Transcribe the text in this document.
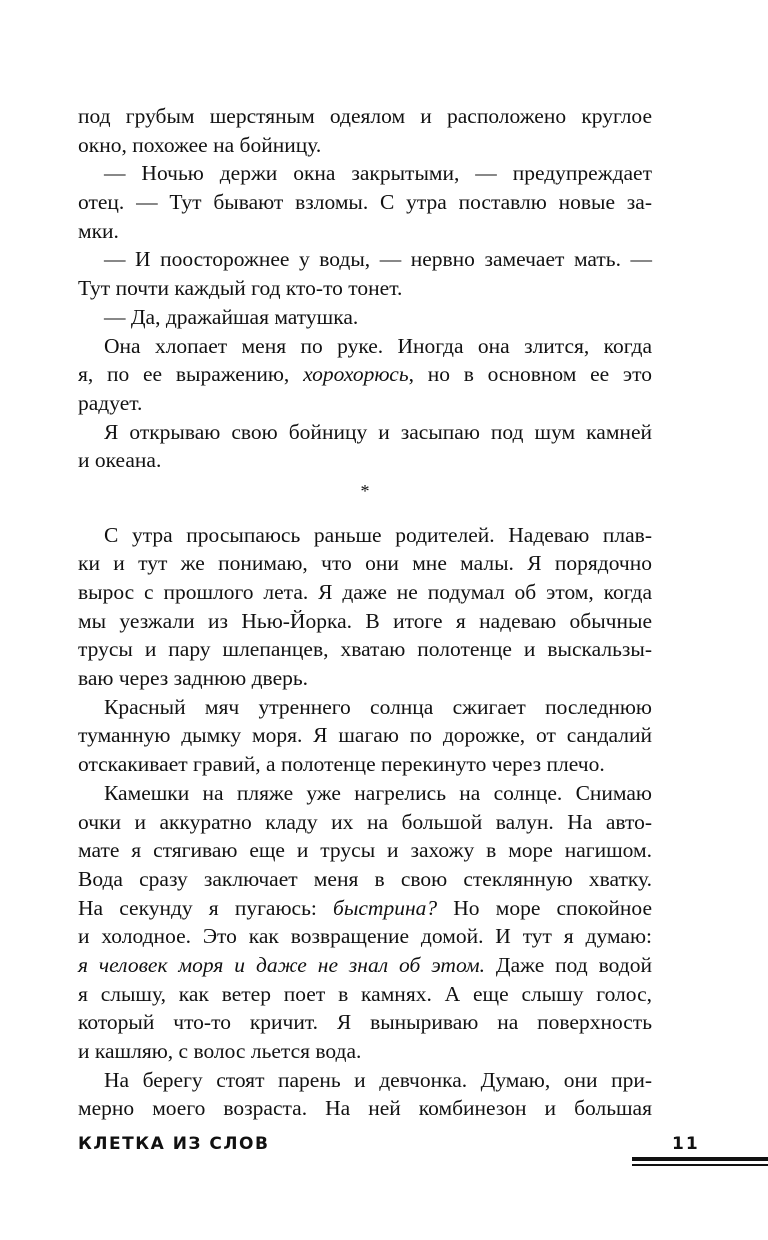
под грубым шерстяным одеялом и расположено круглое
окно, похожее на бойницу.
— Ночью держи окна закрытыми, — предупреждает
отец. — Тут бывают взломы. С утра поставлю новые за-
мки.
— И поосторожнее у воды, — нервно замечает мать. —
Тут почти каждый год кто-то тонет.
— Да, дражайшая матушка.
Она хлопает меня по руке. Иногда она злится, когда
я, по ее выражению, хорохорюсь, но в основном ее это
радует.
Я открываю свою бойницу и засыпаю под шум камней
и океана.
*
С утра просыпаюсь раньше родителей. Надеваю плав-
ки и тут же понимаю, что они мне малы. Я порядочно
вырос с прошлого лета. Я даже не подумал об этом, когда
мы уезжали из Нью-Йорка. В итоге я надеваю обычные
трусы и пару шлепанцев, хватаю полотенце и выскальзы-
ваю через заднюю дверь.
Красный мяч утреннего солнца сжигает последнюю
туманную дымку моря. Я шагаю по дорожке, от сандалий
отскакивает гравий, а полотенце перекинуто через плечо.
Камешки на пляже уже нагрелись на солнце. Снимаю
очки и аккуратно кладу их на большой валун. На авто-
мате я стягиваю еще и трусы и захожу в море нагишом.
Вода сразу заключает меня в свою стеклянную хватку.
На секунду я пугаюсь: быстрина? Но море спокойное
и холодное. Это как возвращение домой. И тут я думаю:
я человек моря и даже не знал об этом. Даже под водой
я слышу, как ветер поет в камнях. А еще слышу голос,
который что-то кричит. Я выныриваю на поверхность
и кашляю, с волос льется вода.
На берегу стоят парень и девчонка. Думаю, они при-
мерно моего возраста. На ней комбинезон и большая
КЛЕТКА ИЗ СЛОВ	11
